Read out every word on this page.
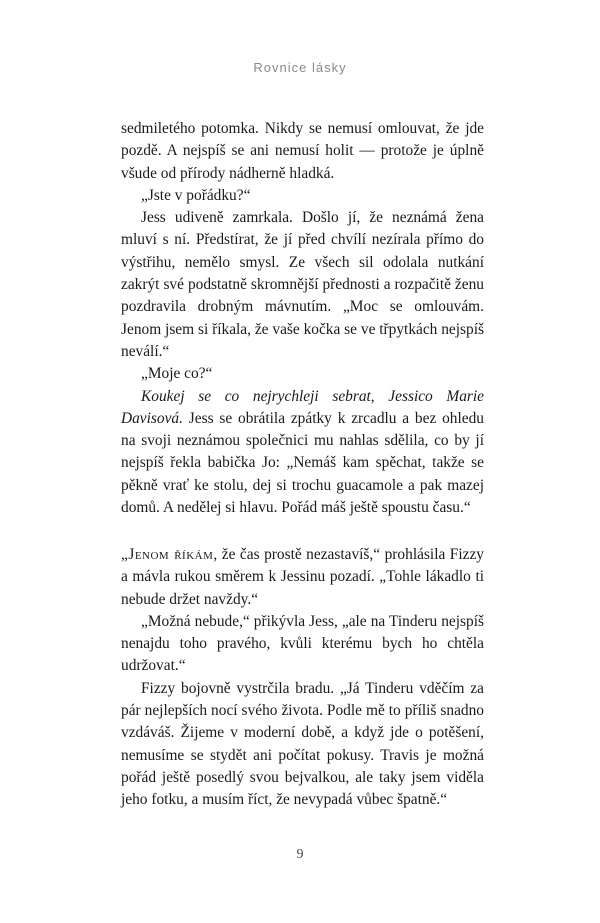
Rovnice lásky

sedmiletého potomka. Nikdy se nemusí omlouvat, že jde pozdě. A nejspíš se ani nemusí holit — protože je úplně všude od přírody nádherně hladká.

„Jste v pořádku?“

Jess udiveně zamrkala. Došlo jí, že neznámá žena mluví s ní. Předstírat, že jí před chvílí nezírala přímo do výstřihu, nemělo smysl. Ze všech sil odolala nutkání zakrýt své podstatně skromnější přednosti a rozpačitě ženu pozdravila drobným mávnutím. „Moc se omlouvám. Jenom jsem si říkala, že vaše kočka se ve třpytkách nejspíš neválí.“

„Moje co?“

Koukej se co nejrychleji sebrat, Jessico Marie Davisová. Jess se obrátila zpátky k zrcadlu a bez ohledu na svoji neznámou společnici mu nahlas sdělila, co by jí nejspíš řekla babička Jo: „Nemáš kam spěchat, takže se pěkně vrať ke stolu, dej si trochu guacamole a pak mazej domů. A nedělej si hlavu. Pořád máš ještě spoustu času.“

„Jenom říkám, že čas prostě nezastavíš,“ prohlásila Fizzy a mávla rukou směrem k Jessinu pozadí. „Tohle lákadlo ti nebude držet navždy.“

„Možná nebude,“ přikývla Jess, „ale na Tinderu nejspíš nenajdu toho pravého, kvůli kterému bych ho chtěla udržovat.“

Fizzy bojovně vystrčila bradu. „Já Tinderu vděčím za pár nejlepších nocí svého života. Podle mě to příliš snadno vzdáváš. Žijeme v moderní době, a když jde o potěšení, nemusíme se stydět ani počítat pokusy. Travis je možná pořád ještě posedlý svou bejvalkou, ale taky jsem viděla jeho fotku, a musím říct, že nevypadá vůbec špatně.“

9
